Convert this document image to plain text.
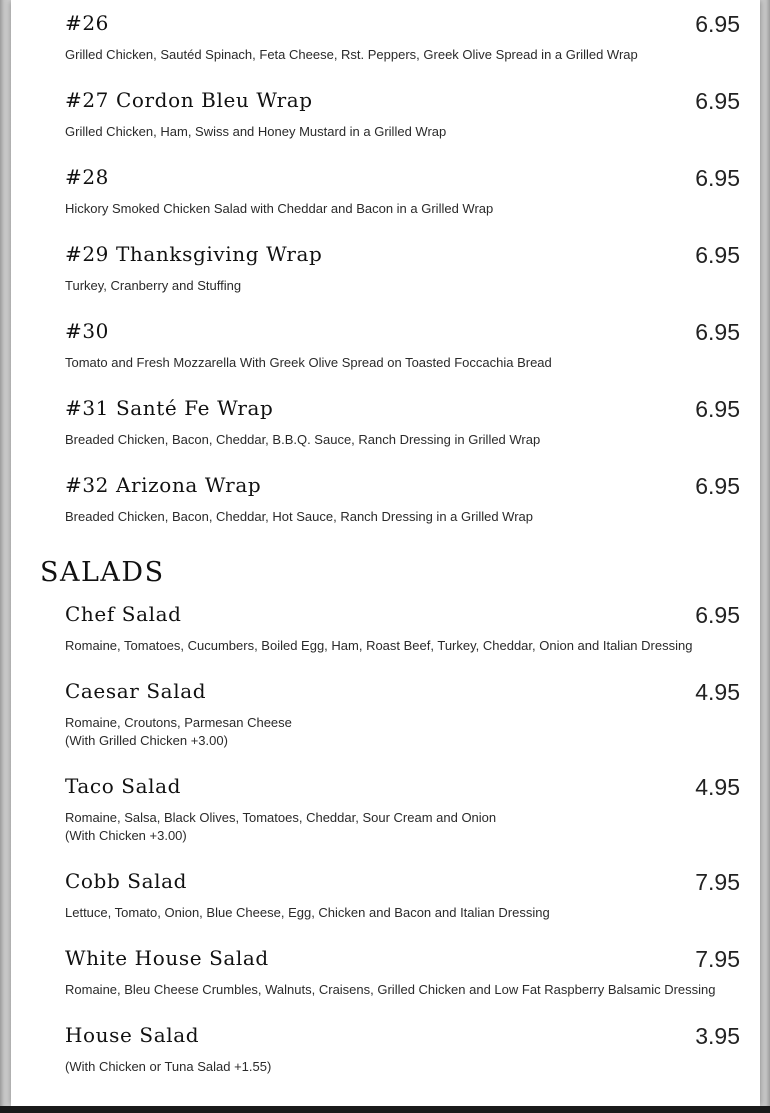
#26	6.95
Grilled Chicken, Sautéd Spinach, Feta Cheese, Rst. Peppers, Greek Olive Spread in a Grilled Wrap
#27 Cordon Bleu Wrap	6.95
Grilled Chicken, Ham, Swiss and Honey Mustard in a Grilled Wrap
#28	6.95
Hickory Smoked Chicken Salad with Cheddar and Bacon in a Grilled Wrap
#29 Thanksgiving Wrap	6.95
Turkey, Cranberry and Stuffing
#30	6.95
Tomato and Fresh Mozzarella With Greek Olive Spread on Toasted Foccachia Bread
#31 Santé Fe Wrap	6.95
Breaded Chicken, Bacon, Cheddar, B.B.Q. Sauce, Ranch Dressing in Grilled Wrap
#32 Arizona Wrap	6.95
Breaded Chicken, Bacon, Cheddar, Hot Sauce, Ranch Dressing in a Grilled Wrap
SALADS
Chef Salad	6.95
Romaine, Tomatoes, Cucumbers, Boiled Egg, Ham, Roast Beef, Turkey, Cheddar, Onion and Italian Dressing
Caesar Salad	4.95
Romaine, Croutons, Parmesan Cheese
(With Grilled Chicken +3.00)
Taco Salad	4.95
Romaine, Salsa, Black Olives, Tomatoes, Cheddar, Sour Cream and Onion
(With Chicken +3.00)
Cobb Salad	7.95
Lettuce, Tomato, Onion, Blue Cheese, Egg, Chicken and Bacon and Italian Dressing
White House Salad	7.95
Romaine, Bleu Cheese Crumbles, Walnuts, Craisens, Grilled Chicken and Low Fat Raspberry Balsamic Dressing
House Salad	3.95
(With Chicken or Tuna Salad +1.55)
